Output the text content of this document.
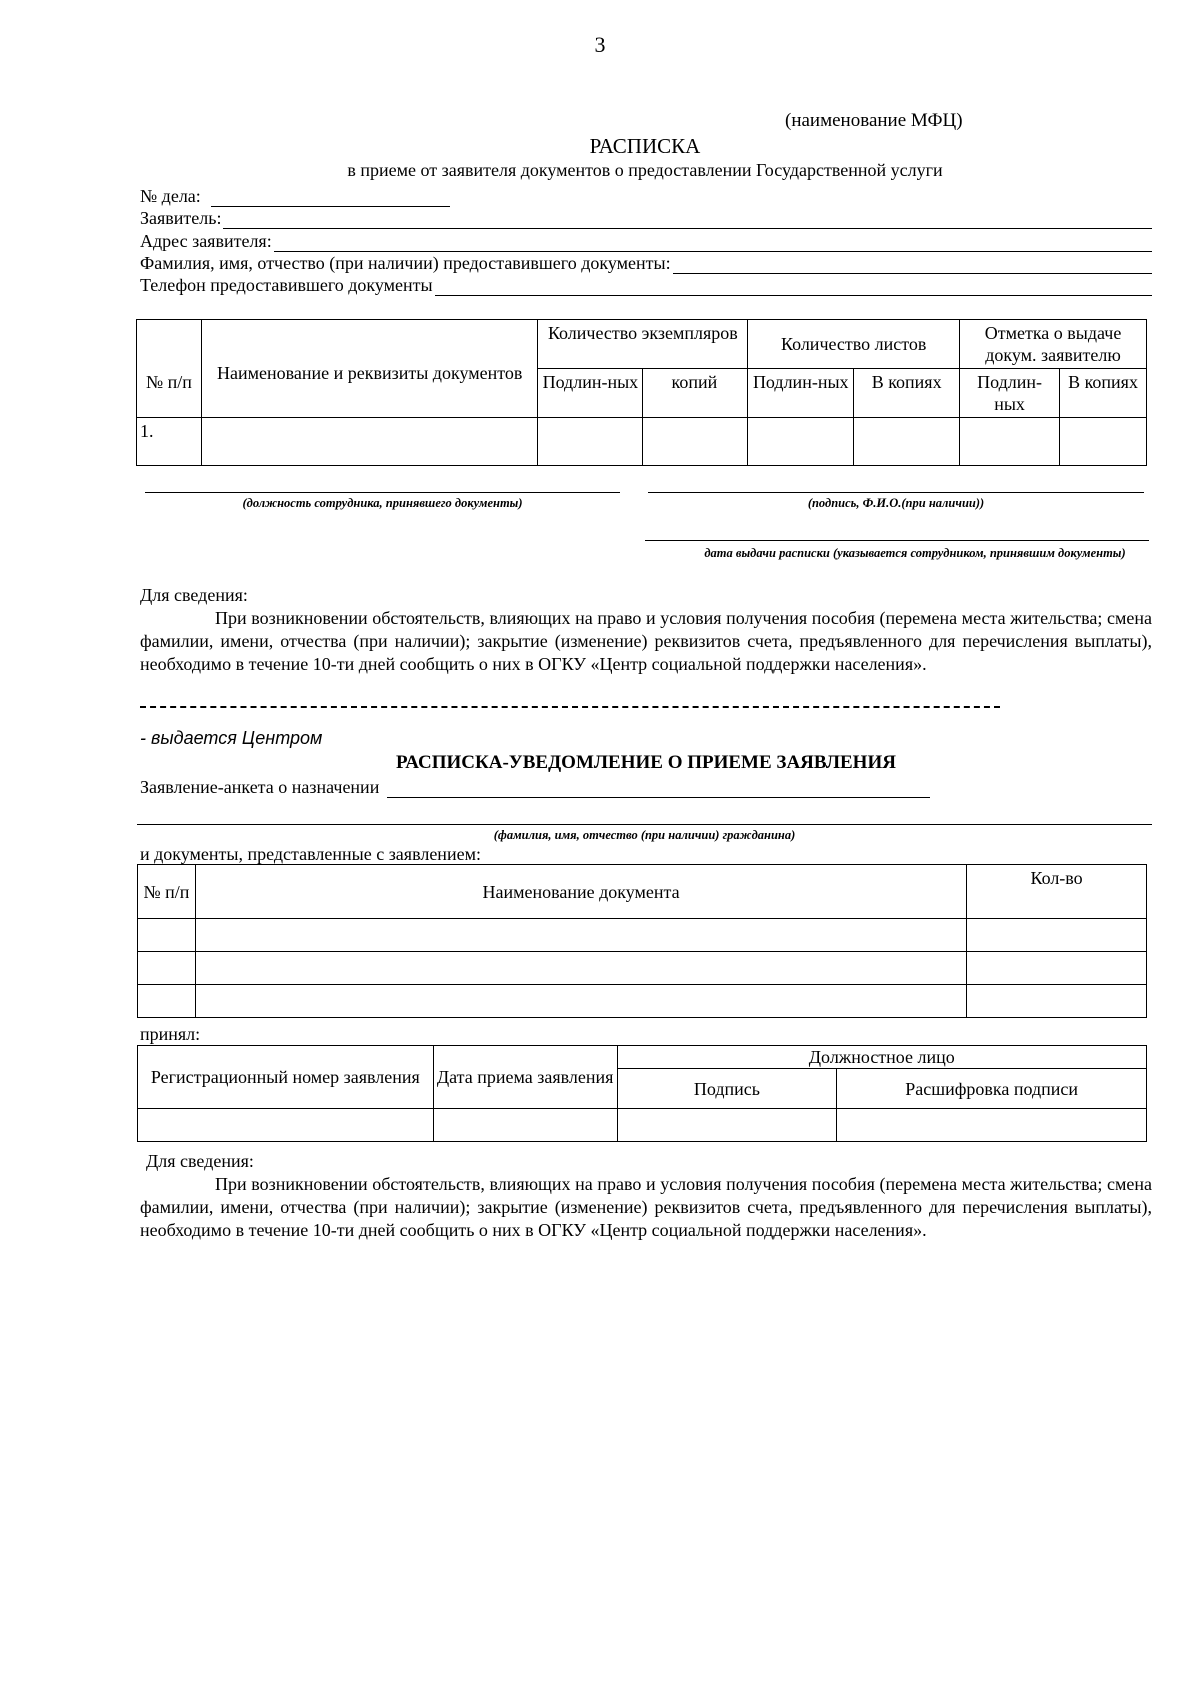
3
(наименование МФЦ)
РАСПИСКА
в приеме от заявителя документов о предоставлении Государственной услуги
№ дела:
Заявитель:
Адрес заявителя:
Фамилия, имя, отчество (при наличии) предоставившего документы:
Телефон предоставившего документы
№ п/п	Наименование и реквизиты документов	Количество экземпляров		Количество листов		Отметка о выдаче докум. заявителю	
		Подлин-ных	копий	Подлин-ных	В копиях	Подлин-ных	В копиях
1.							
(должность сотрудника, принявшего документы)	(подпись, Ф.И.О.(при наличии))
дата выдачи расписки (указывается сотрудником, принявшим документы)
Для сведения:
При возникновении обстоятельств, влияющих на право и условия получения пособия (перемена места жительства; смена фамилии, имени, отчества (при наличии); закрытие (изменение) реквизитов счета, предъявленного для перечисления выплаты), необходимо в течение 10-ти дней сообщить о них в ОГКУ «Центр социальной поддержки населения».
- выдается Центром
РАСПИСКА-УВЕДОМЛЕНИЕ О ПРИЕМЕ ЗАЯВЛЕНИЯ
Заявление-анкета о назначении
(фамилия, имя, отчество (при наличии) гражданина)
и документы, представленные с заявлением:
№ п/п	Наименование документа	Кол-во

принял:
Регистрационный номер заявления	Дата приема заявления	Должностное лицо	
		Подпись	Расшифровка подписи

Для сведения:
При возникновении обстоятельств, влияющих на право и условия получения пособия (перемена места жительства; смена фамилии, имени, отчества (при наличии); закрытие (изменение) реквизитов счета, предъявленного для перечисления выплаты), необходимо в течение 10-ти дней сообщить о них в ОГКУ «Центр социальной поддержки населения».
